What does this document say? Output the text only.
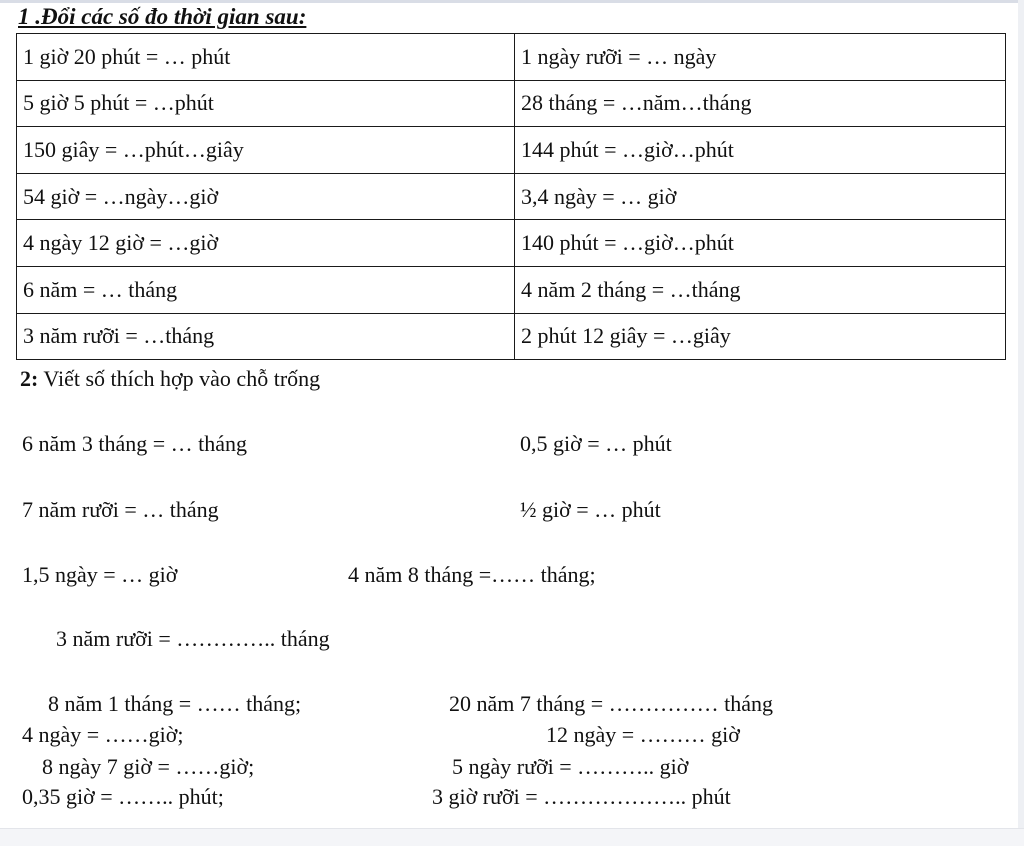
1 .Đổi các số đo thời gian sau:
1 giờ 20 phút = … phút	1 ngày rưỡi = … ngày
5 giờ 5 phút = …phút	28 tháng = …năm…tháng
150 giây = …phút…giây	144 phút = …giờ…phút
54 giờ = …ngày…giờ	3,4 ngày = … giờ
4 ngày 12 giờ = …giờ	140 phút = …giờ…phút
6 năm = … tháng	4 năm 2 tháng = …tháng
3 năm rưỡi = …tháng	2 phút 12 giây = …giây
2: Viết số thích hợp vào chỗ trống
6 năm 3 tháng = … tháng	0,5 giờ = … phút
7 năm rưỡi = … tháng	½ giờ = … phút
1,5 ngày = … giờ	4 năm 8 tháng =…… tháng;
3 năm rưỡi = ………….. tháng
8 năm 1 tháng = …… tháng;	20 năm 7 tháng = …………… tháng
4 ngày = ……giờ;	12 ngày = ……… giờ
8 ngày 7 giờ = ……giờ;	5 ngày rưỡi = ……….. giờ
0,35 giờ = …….. phút;	3 giờ rưỡi = ……………….. phút
